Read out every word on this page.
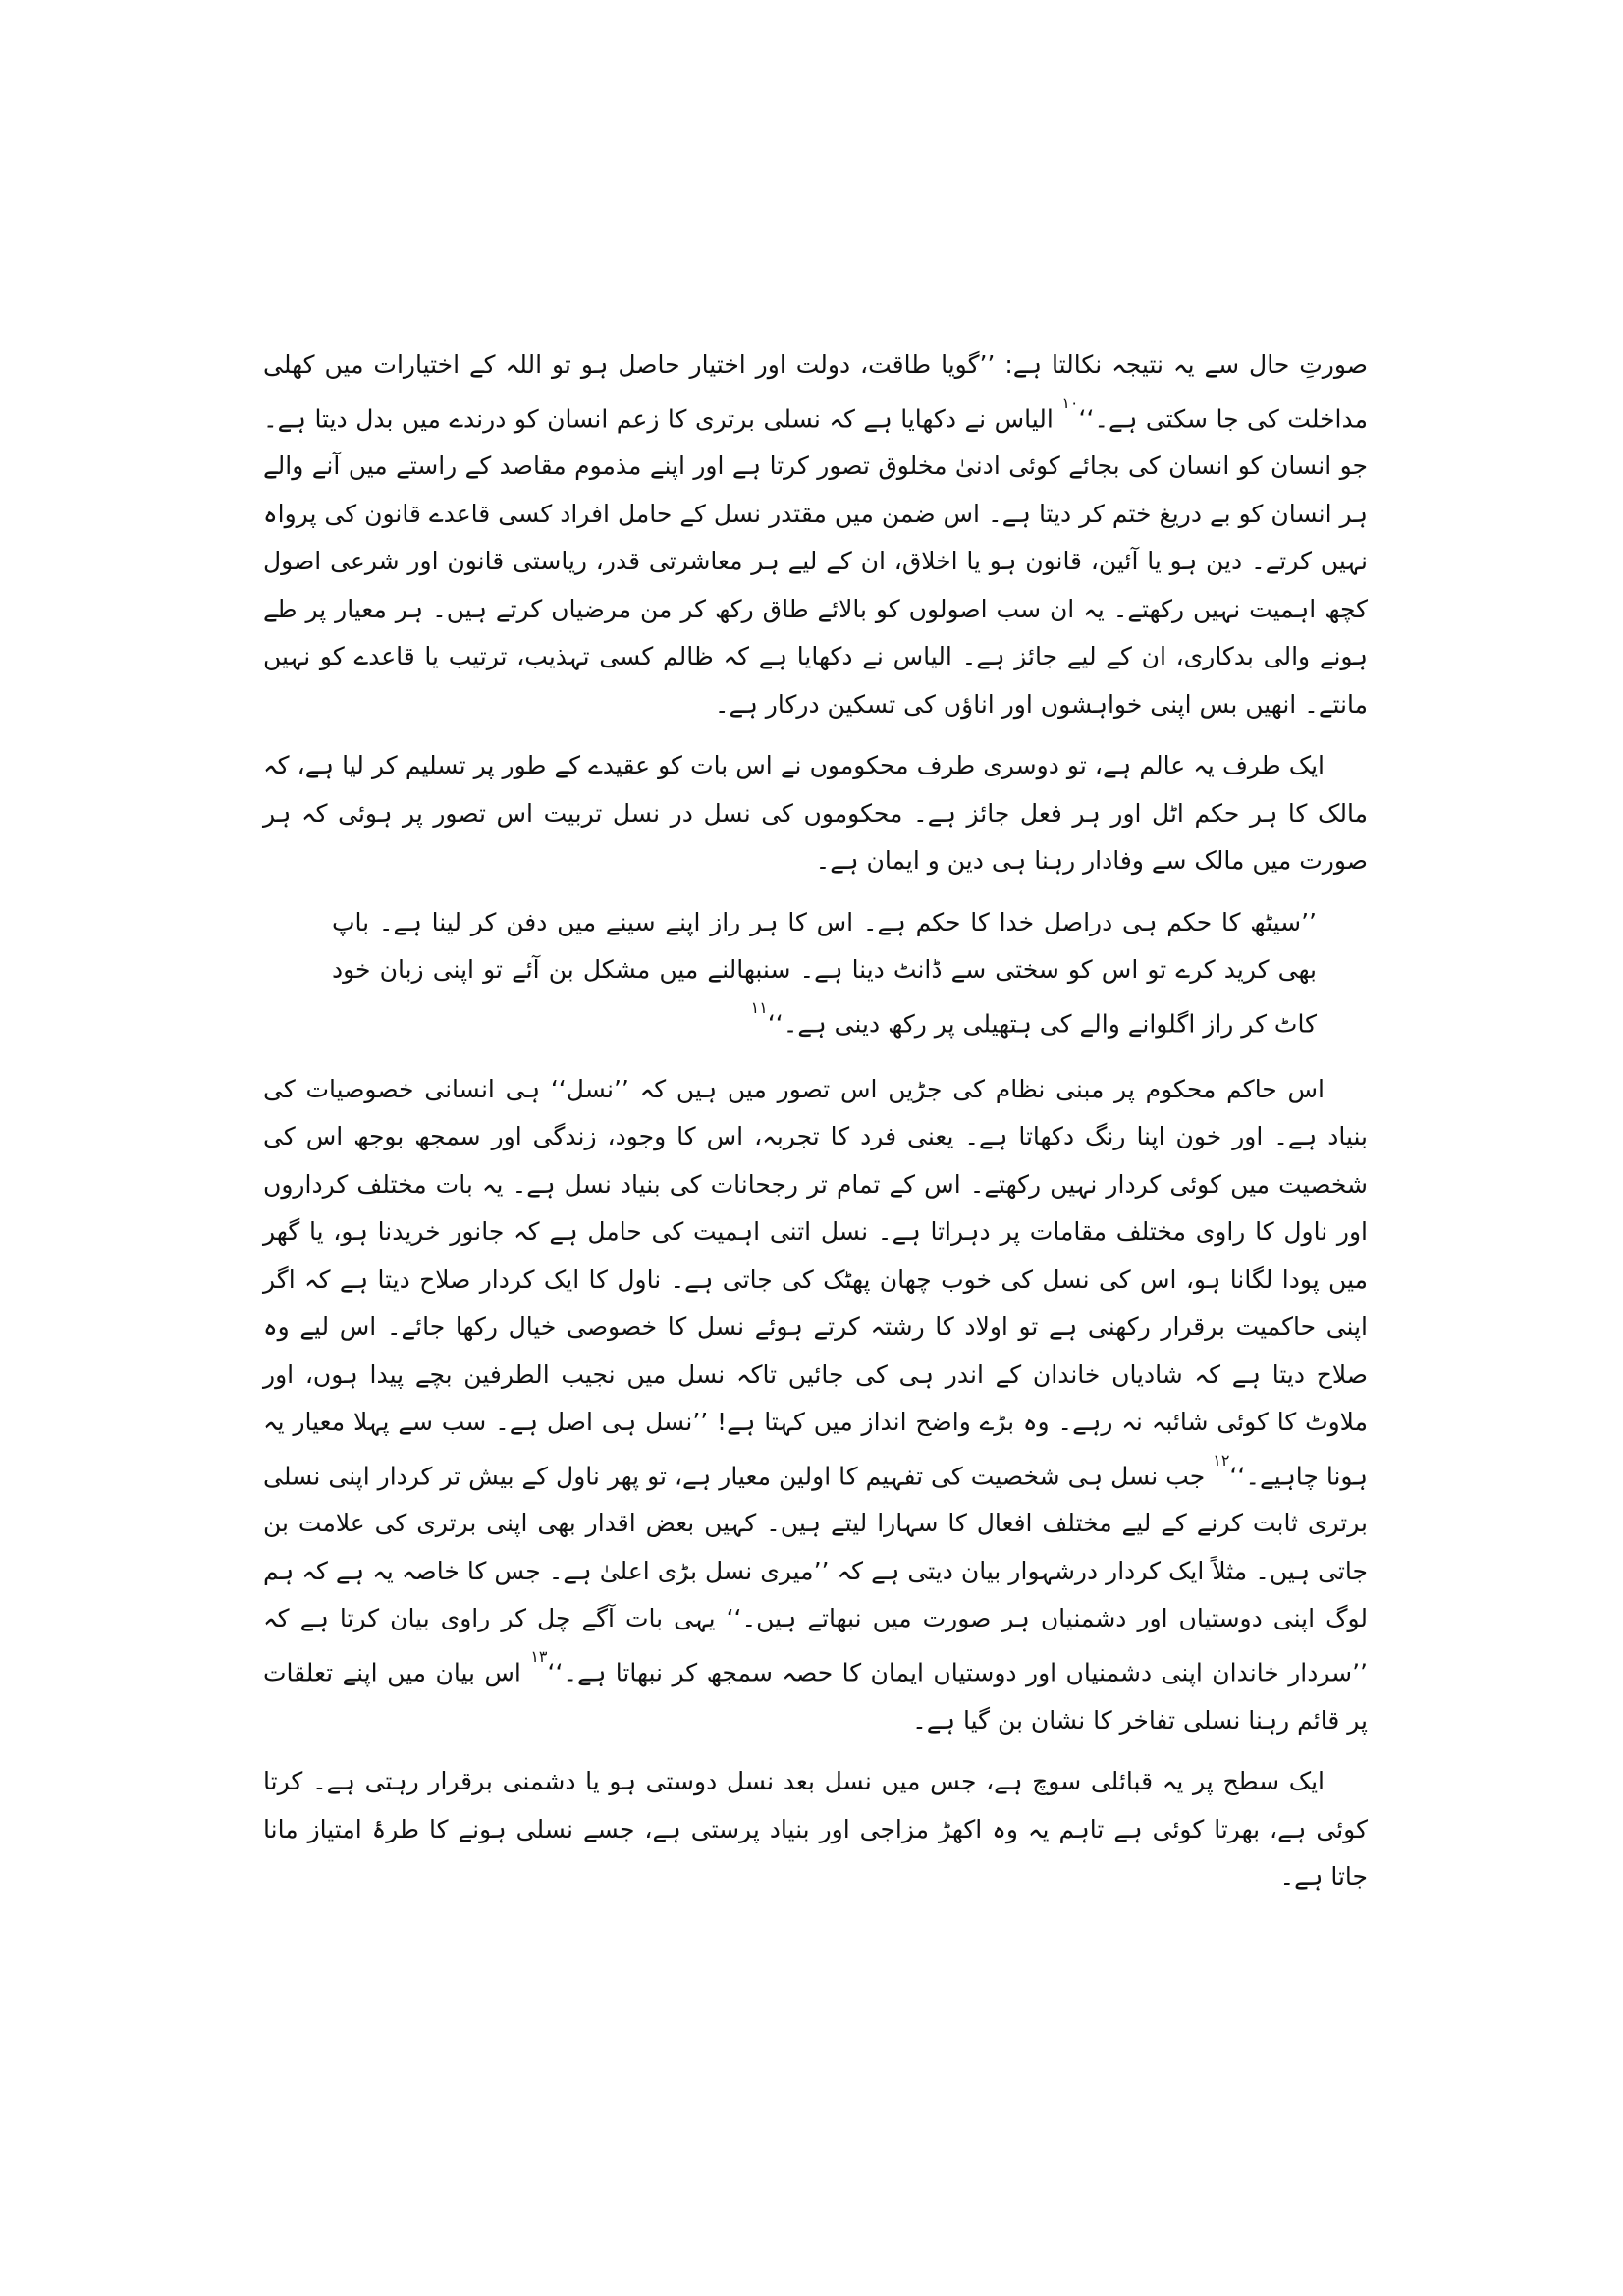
صورتِ حال سے یہ نتیجہ نکالتا ہے: ’’گویا طاقت، دولت اور اختیار حاصل ہو تو اللہ کے اختیارات میں کھلی مداخلت کی جا سکتی ہے۔‘‘$^{۱۰}$ الیاس نے دکھایا ہے کہ نسلی برتری کا زعم انسان کو درندے میں بدل دیتا ہے۔ جو انسان کو انسان کی بجائے کوئی ادنیٰ مخلوق تصور کرتا ہے اور اپنے مذموم مقاصد کے راستے میں آنے والے ہر انسان کو بے دریغ ختم کر دیتا ہے۔ اس ضمن میں مقتدر نسل کے حامل افراد کسی قاعدے قانون کی پرواہ نہیں کرتے۔ دین ہو یا آئین، قانون ہو یا اخلاق، ان کے لیے ہر معاشرتی قدر، ریاستی قانون اور شرعی اصول کچھ اہمیت نہیں رکھتے۔ یہ ان سب اصولوں کو بالائے طاق رکھ کر من مرضیاں کرتے ہیں۔ ہر معیار پر طے ہونے والی بدکاری، ان کے لیے جائز ہے۔ الیاس نے دکھایا ہے کہ ظالم کسی تہذیب، ترتیب یا قاعدے کو نہیں مانتے۔ انھیں بس اپنی خواہشوں اور اناؤں کی تسکین درکار ہے۔

ایک طرف یہ عالم ہے، تو دوسری طرف محکوموں نے اس بات کو عقیدے کے طور پر تسلیم کر لیا ہے، کہ مالک کا ہر حکم اٹل اور ہر فعل جائز ہے۔ محکوموں کی نسل در نسل تربیت اس تصور پر ہوئی کہ ہر صورت میں مالک سے وفادار رہنا ہی دین و ایمان ہے۔

’’سیٹھ کا حکم ہی دراصل خدا کا حکم ہے۔ اس کا ہر راز اپنے سینے میں دفن کر لینا ہے۔ باپ بھی کرید کرے تو اس کو سختی سے ڈانٹ دینا ہے۔ سنبھالنے میں مشکل بن آئے تو اپنی زبان خود کاٹ کر راز اگلوانے والے کی ہتھیلی پر رکھ دینی ہے۔‘‘$^{۱۱}$

اس حاکم محکوم پر مبنی نظام کی جڑیں اس تصور میں ہیں کہ ’’نسل‘‘ ہی انسانی خصوصیات کی بنیاد ہے۔ اور خون اپنا رنگ دکھاتا ہے۔ یعنی فرد کا تجربہ، اس کا وجود، زندگی اور سمجھ بوجھ اس کی شخصیت میں کوئی کردار نہیں رکھتے۔ اس کے تمام تر رجحانات کی بنیاد نسل ہے۔ یہ بات مختلف کرداروں اور ناول کا راوی مختلف مقامات پر دہراتا ہے۔ نسل اتنی اہمیت کی حامل ہے کہ جانور خریدنا ہو، یا گھر میں پودا لگانا ہو، اس کی نسل کی خوب چھان پھٹک کی جاتی ہے۔ ناول کا ایک کردار صلاح دیتا ہے کہ اگر اپنی حاکمیت برقرار رکھنی ہے تو اولاد کا رشتہ کرتے ہوئے نسل کا خصوصی خیال رکھا جائے۔ اس لیے وہ صلاح دیتا ہے کہ شادیاں خاندان کے اندر ہی کی جائیں تاکہ نسل میں نجیب الطرفین بچے پیدا ہوں، اور ملاوٹ کا کوئی شائبہ نہ رہے۔ وہ بڑے واضح انداز میں کہتا ہے! ’’نسل ہی اصل ہے۔ سب سے پہلا معیار یہ ہونا چاہیے۔‘‘$^{۱۲}$ جب نسل ہی شخصیت کی تفہیم کا اولین معیار ہے، تو پھر ناول کے بیش تر کردار اپنی نسلی برتری ثابت کرنے کے لیے مختلف افعال کا سہارا لیتے ہیں۔ کہیں بعض اقدار بھی اپنی برتری کی علامت بن جاتی ہیں۔ مثلاً ایک کردار درشہوار بیان دیتی ہے کہ ’’میری نسل بڑی اعلیٰ ہے۔ جس کا خاصہ یہ ہے کہ ہم لوگ اپنی دوستیاں اور دشمنیاں ہر صورت میں نبھاتے ہیں۔‘‘ یہی بات آگے چل کر راوی بیان کرتا ہے کہ ’’سردار خاندان اپنی دشمنیاں اور دوستیاں ایمان کا حصہ سمجھ کر نبھاتا ہے۔‘‘$^{۱۳}$ اس بیان میں اپنے تعلقات پر قائم رہنا نسلی تفاخر کا نشان بن گیا ہے۔

ایک سطح پر یہ قبائلی سوچ ہے، جس میں نسل بعد نسل دوستی ہو یا دشمنی برقرار رہتی ہے۔ کرتا کوئی ہے، بھرتا کوئی ہے تاہم یہ وہ اکھڑ مزاجی اور بنیاد پرستی ہے، جسے نسلی ہونے کا طرۂ امتیاز مانا جاتا ہے۔
